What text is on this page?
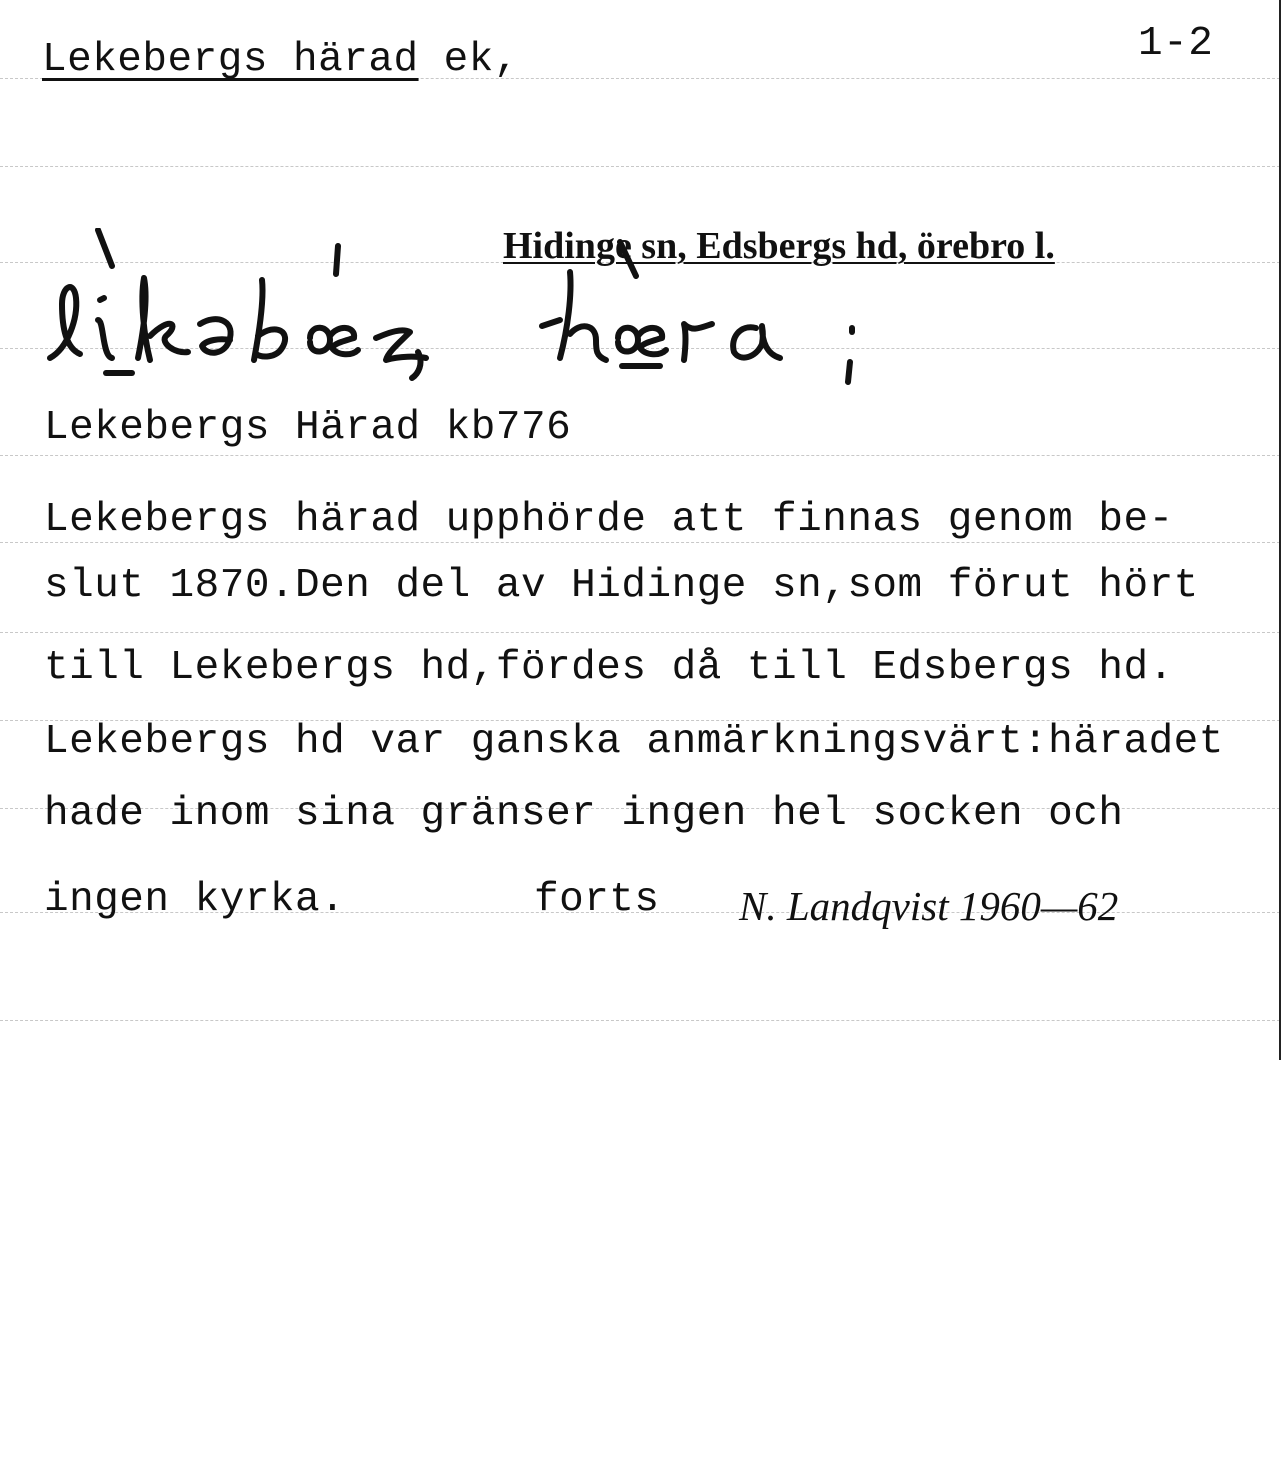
Lekebergs härad ek,	1-2
Hidinge sn, Edsbergs hd, örebro l.
Lekebergs Härad kb776
Lekebergs härad upphörde att finnas genom be-
slut 1870.Den del av Hidinge sn,som förut hört
till Lekebergs hd,fördes då till Edsbergs hd.
Lekebergs hd var ganska anmärkningsvärt:häradet
hade inom sina gränser ingen hel socken och
ingen kyrka.	forts N. Landqvist 1960—62
